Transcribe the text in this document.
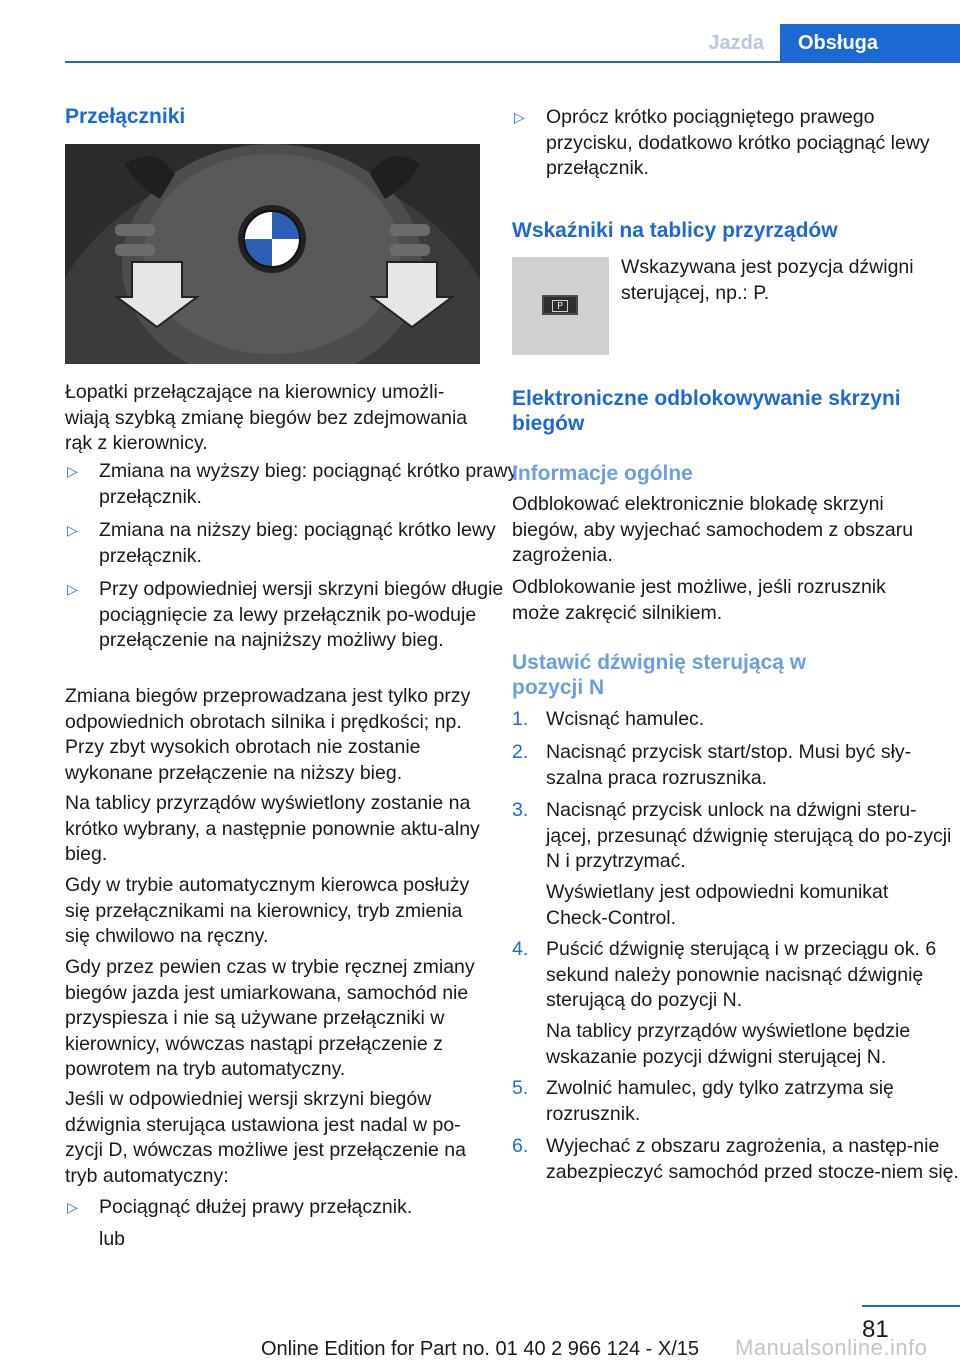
Jazda	Obsługa
Przełączniki

Łopatki przełączające na kierownicy umożli-wiają szybką zmianę biegów bez zdejmowania rąk z kierownicy.

▷ Zmiana na wyższy bieg: pociągnąć krótko prawy przełącznik.
▷ Zmiana na niższy bieg: pociągnąć krótko lewy przełącznik.
▷ Przy odpowiedniej wersji skrzyni biegów długie pociągnięcie za lewy przełącznik po-woduje przełączenie na najniższy możliwy bieg.

Zmiana biegów przeprowadzana jest tylko przy odpowiednich obrotach silnika i prędkości; np. Przy zbyt wysokich obrotach nie zostanie wykonane przełączenie na niższy bieg.

Na tablicy przyrządów wyświetlony zostanie na krótko wybrany, a następnie ponownie aktu-alny bieg.

Gdy w trybie automatycznym kierowca posłuży się przełącznikami na kierownicy, tryb zmienia się chwilowo na ręczny.

Gdy przez pewien czas w trybie ręcznej zmiany biegów jazda jest umiarkowana, samochód nie przyspiesza i nie są używane przełączniki w kierownicy, wówczas nastąpi przełączenie z powrotem na tryb automatyczny.

Jeśli w odpowiedniej wersji skrzyni biegów dźwignia sterująca ustawiona jest nadal w po-zycji D, wówczas możliwe jest przełączenie na tryb automatyczny:

▷ Pociągnąć dłużej prawy przełącznik.

lub

▷ Oprócz krótko pociągniętego prawego przycisku, dodatkowo krótko pociągnąć lewy przełącznik.
Wskaźniki na tablicy przyrządów
P

Wskazywana jest pozycja dźwigni sterującej, np.: P.

Elektroniczne odblokowywanie skrzyni biegów
Informacje ogólne

Odblokować elektronicznie blokadę skrzyni biegów, aby wyjechać samochodem z obszaru zagrożenia.

Odblokowanie jest możliwe, jeśli rozrusznik może zakręcić silnikiem.

Ustawić dźwignię sterującą w pozycji N
1. Wcisnąć hamulec.
2. Nacisnąć przycisk start/stop. Musi być sły-szalna praca rozrusznika.
3. Nacisnąć przycisk unlock na dźwigni steru-jącej, przesunąć dźwignię sterującą do po-zycji N i przytrzymać.

Wyświetlany jest odpowiedni komunikat Check-Control.

4. Puścić dźwignię sterującą i w przeciągu ok. 6 sekund należy ponownie nacisnąć dźwignię sterującą do pozycji N.

Na tablicy przyrządów wyświetlone będzie wskazanie pozycji dźwigni sterującej N.

5. Zwolnić hamulec, gdy tylko zatrzyma się rozrusznik.
6. Wyjechać z obszaru zagrożenia, a następ-nie zabezpieczyć samochód przed stocze-niem się.
81
Online Edition for Part no. 01 40 2 966 124 - X/15	Manualsonline.info
